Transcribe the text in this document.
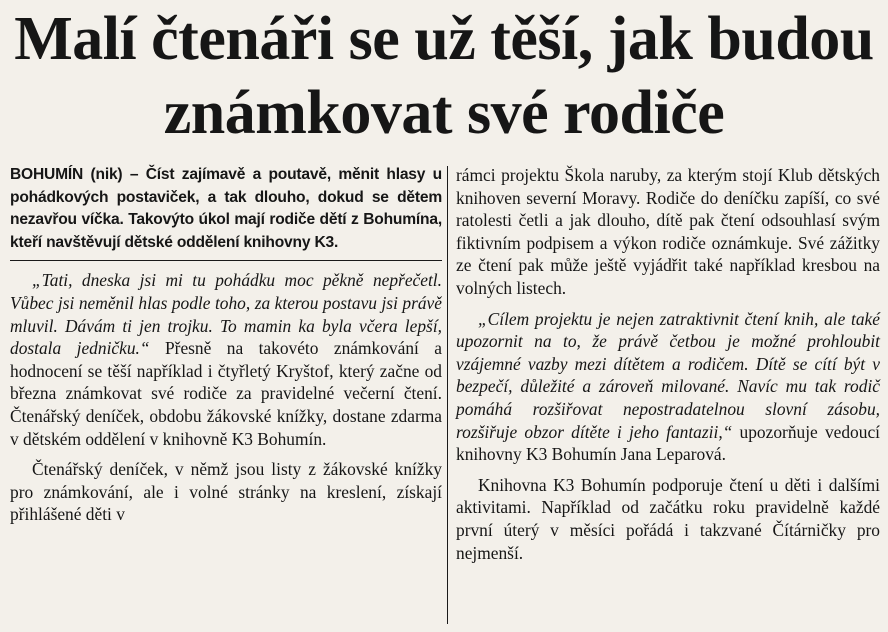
Malí čtenáři se už těší, jak budou známkovat své rodiče
BOHUMÍN (nik) – Číst zajímavě a poutavě, měnit hlasy u pohádkových postaviček, a tak dlouho, dokud se dětem nezavřou víčka. Takovýto úkol mají rodiče dětí z Bohumína, kteří navštěvují dětské oddělení knihovny K3.

„Tati, dneska jsi mi tu pohádku moc pěkně nepřečetl. Vůbec jsi neměnil hlas podle toho, za kterou postavu jsi právě mluvil. Dávám ti jen trojku. To mamin ka byla včera lepší, dostala jedničku.“ Přesně na takovéto známkování a hodnocení se těší například i čtyřletý Kryštof, který začne od března známkovat své rodiče za pravidelné večerní čtení. Čtenářský deníček, obdobu žákovské knížky, dostane zdarma v dětském oddělení v knihovně K3 Bohumín.

Čtenářský deníček, v němž jsou listy z žákovské knížky pro známkování, ale i volné stránky na kreslení, získají přihlášené děti v

rámci projektu Škola naruby, za kterým stojí Klub dětských knihoven severní Moravy. Rodiče do deníčku zapíší, co své ratolesti četli a jak dlouho, dítě pak čtení odsouhlasí svým fiktivním podpisem a výkon rodiče oznámkuje. Své zážitky ze čtení pak může ještě vyjádřit také například kresbou na volných listech.

„Cílem projektu je nejen zatraktivnit čtení knih, ale také upozornit na to, že právě četbou je možné prohloubit vzájemné vazby mezi dítětem a rodičem. Dítě se cítí být v bezpečí, důležité a zároveň milované. Navíc mu tak rodič pomáhá rozšiřovat nepostradatelnou slovní zásobu, rozšiřuje obzor dítěte i jeho fantazii,“ upozorňuje vedoucí knihovny K3 Bohumín Jana Leparová.

Knihovna K3 Bohumín podporuje čtení u děti i dalšími aktivitami. Například od začátku roku pravidelně každé první úterý v měsíci pořádá i takzvané Čítárničky pro nejmenší.
